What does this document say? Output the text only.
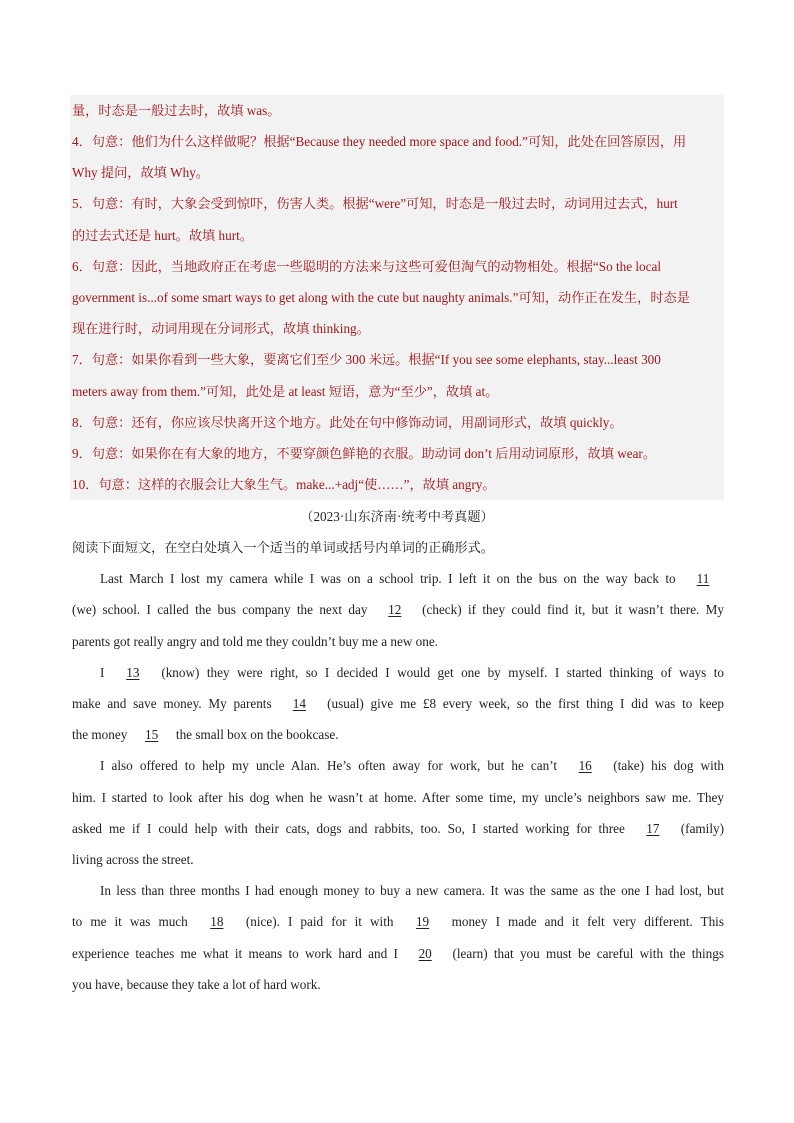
量，时态是一般过去时，故填 was。
4．句意：他们为什么这样做呢？根据“Because they needed more space and food.”可知，此处在回答原因，用
Why 提问，故填 Why。
5．句意：有时，大象会受到惊吓，伤害人类。根据“were”可知，时态是一般过去时，动词用过去式，hurt
的过去式还是 hurt。故填 hurt。
6．句意：因此，当地政府正在考虑一些聪明的方法来与这些可爱但淘气的动物相处。根据“So the local
government is...of some smart ways to get along with the cute but naughty animals.”可知，动作正在发生，时态是
现在进行时，动词用现在分词形式，故填 thinking。
7．句意：如果你看到一些大象，要离它们至少 300 米远。根据“If you see some elephants, stay...least 300
meters away from them.”可知，此处是 at least 短语，意为“至少”，故填 at。
8．句意：还有，你应该尽快离开这个地方。此处在句中修饰动词，用副词形式，故填 quickly。
9．句意：如果你在有大象的地方，不要穿颜色鲜艳的衣服。助动词 don’t 后用动词原形，故填 wear。
10．句意：这样的衣服会让大象生气。make...+adj“使……”，故填 angry。
（2023·山东济南·统考中考真题）
阅读下面短文，在空白处填入一个适当的单词或括号内单词的正确形式。
Last March I lost my camera while I was on a school trip. I left it on the bus on the way back to 11
(we) school. I called the bus company the next day 12 (check) if they could find it, but it wasn’t there. My
parents got really angry and told me they couldn’t buy me a new one.
I 13 (know) they were right, so I decided I would get one by myself. I started thinking of ways to
make and save money. My parents 14 (usual) give me £8 every week, so the first thing I did was to keep
the money 15 the small box on the bookcase.
I also offered to help my uncle Alan. He’s often away for work, but he can’t 16 (take) his dog with
him. I started to look after his dog when he wasn’t at home. After some time, my uncle’s neighbors saw me. They
asked me if I could help with their cats, dogs and rabbits, too. So, I started working for three 17 (family)
living across the street.
In less than three months I had enough money to buy a new camera. It was the same as the one I had lost, but
to me it was much 18 (nice). I paid for it with 19 money I made and it felt very different. This
experience teaches me what it means to work hard and I 20 (learn) that you must be careful with the things
you have, because they take a lot of hard work.
